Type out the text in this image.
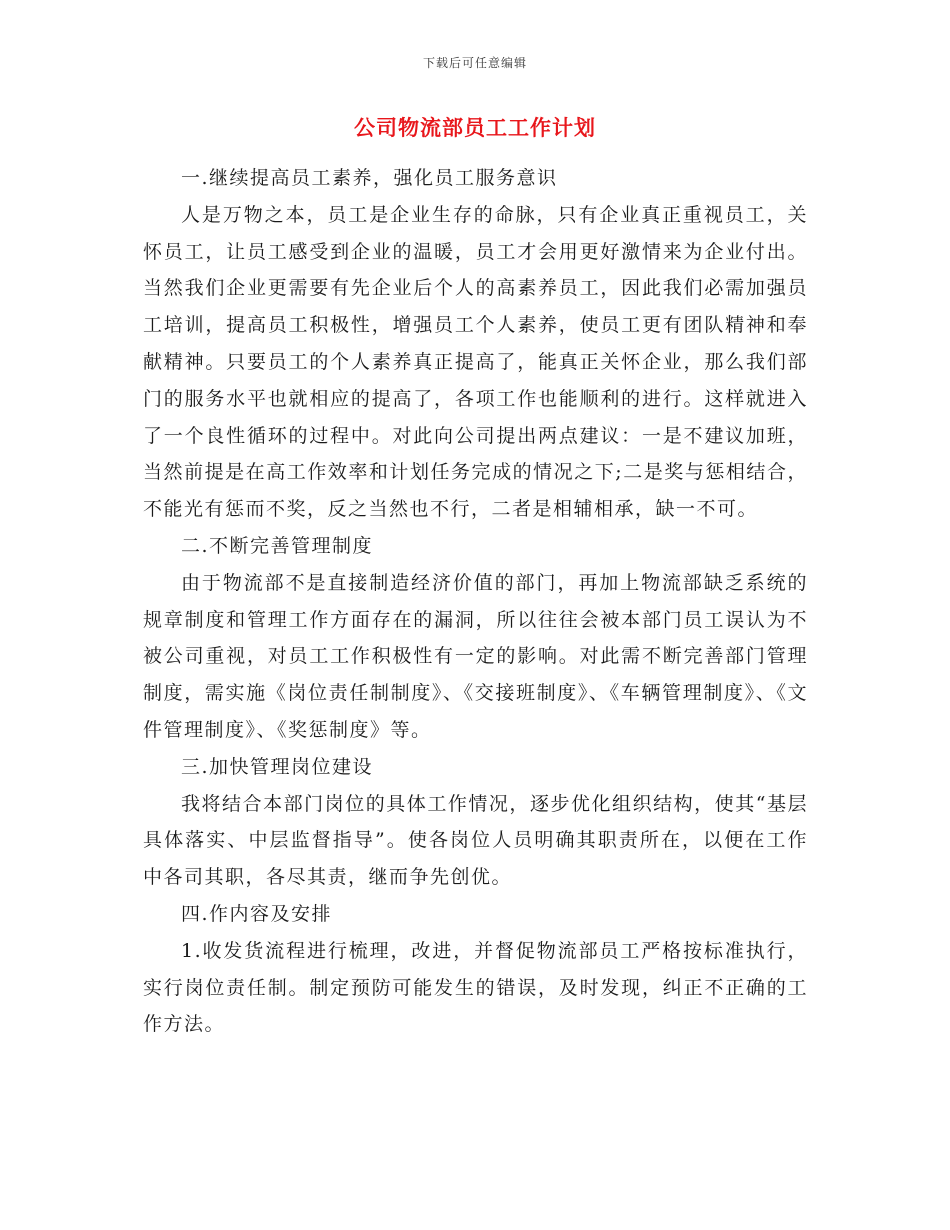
下载后可任意编辑
公司物流部员工工作计划

一.继续提高员工素养，强化员工服务意识

人是万物之本，员工是企业生存的命脉，只有企业真正重视员工，关怀员工，让员工感受到企业的温暖，员工才会用更好激情来为企业付出。当然我们企业更需要有先企业后个人的高素养员工，因此我们必需加强员工培训，提高员工积极性，增强员工个人素养，使员工更有团队精神和奉献精神。只要员工的个人素养真正提高了，能真正关怀企业，那么我们部门的服务水平也就相应的提高了，各项工作也能顺利的进行。这样就进入了一个良性循环的过程中。对此向公司提出两点建议：一是不建议加班，当然前提是在高工作效率和计划任务完成的情况之下;二是奖与惩相结合，不能光有惩而不奖，反之当然也不行，二者是相辅相承，缺一不可。

二.不断完善管理制度

由于物流部不是直接制造经济价值的部门，再加上物流部缺乏系统的规章制度和管理工作方面存在的漏洞，所以往往会被本部门员工误认为不被公司重视，对员工工作积极性有一定的影响。对此需不断完善部门管理制度，需实施《岗位责任制制度》、《交接班制度》、《车辆管理制度》、《文件管理制度》、《奖惩制度》等。

三.加快管理岗位建设

我将结合本部门岗位的具体工作情况，逐步优化组织结构，使其“基层具体落实、中层监督指导”。使各岗位人员明确其职责所在，以便在工作中各司其职，各尽其责，继而争先创优。

四.作内容及安排

1.收发货流程进行梳理，改进，并督促物流部员工严格按标准执行，实行岗位责任制。制定预防可能发生的错误，及时发现，纠正不正确的工作方法。
